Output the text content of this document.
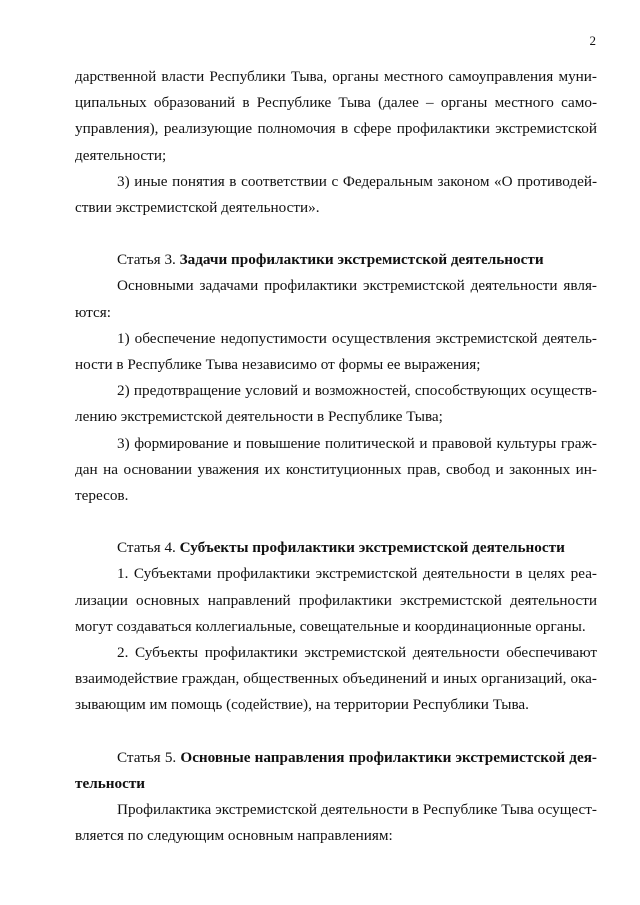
2
дарственной власти Республики Тыва, органы местного самоуправления муни-
ципальных образований в Республике Тыва (далее – органы местного само-
управления), реализующие полномочия в сфере профилактики экстремистской
деятельности;
3) иные понятия в соответствии с Федеральным законом «О противодей-
ствии экстремистской деятельности».
Статья 3. Задачи профилактики экстремистской деятельности
Основными задачами профилактики экстремистской деятельности явля-
ются:
1) обеспечение недопустимости осуществления экстремистской деятель-
ности в Республике Тыва независимо от формы ее выражения;
2) предотвращение условий и возможностей, способствующих осуществ-
лению экстремистской деятельности в Республике Тыва;
3) формирование и повышение политической и правовой культуры граж-
дан на основании уважения их конституционных прав, свобод и законных ин-
тересов.
Статья 4. Субъекты профилактики экстремистской деятельности
1. Субъектами профилактики экстремистской деятельности в целях реа-
лизации основных направлений профилактики экстремистской деятельности
могут создаваться коллегиальные, совещательные и координационные органы.
2. Субъекты профилактики экстремистской деятельности обеспечивают
взаимодействие граждан, общественных объединений и иных организаций, ока-
зывающим им помощь (содействие), на территории Республики Тыва.
Статья 5. Основные направления профилактики экстремистской дея-
тельности
Профилактика экстремистской деятельности в Республике Тыва осущест-
вляется по следующим основным направлениям:
